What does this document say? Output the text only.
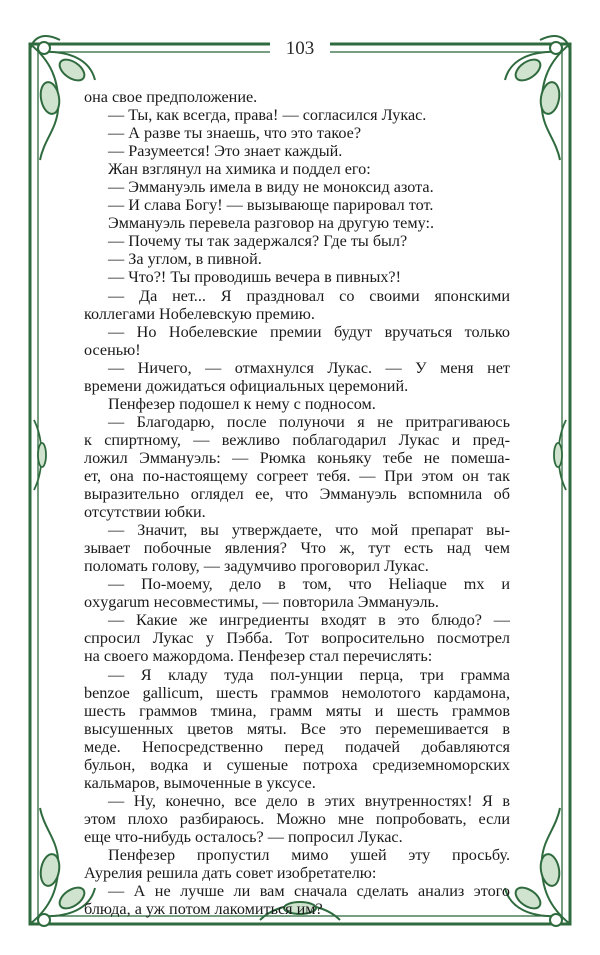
103
она свое предположение.
— Ты, как всегда, права! — согласился Лукас.
— А разве ты знаешь, что это такое?
— Разумеется! Это знает каждый.
Жан взглянул на химика и поддел его:
— Эммануэль имела в виду не моноксид азота.
— И слава Богу! — вызывающе парировал тот.
Эммануэль перевела разговор на другую тему:.
— Почему ты так задержался? Где ты был?
— За углом, в пивной.
— Что?! Ты проводишь вечера в пивных?!
— Да нет... Я праздновал со своими японскими
коллегами Нобелевскую премию.
— Но Нобелевские премии будут вручаться только
осенью!
— Ничего, — отмахнулся Лукас. — У меня нет
времени дожидаться официальных церемоний.
Пенфезер подошел к нему с подносом.
— Благодарю, после полуночи я не притрагиваюсь
к спиртному, — вежливо поблагодарил Лукас и пред-
ложил Эммануэль: — Рюмка коньяку тебе не помеша-
ет, она по-настоящему согреет тебя. — При этом он так
выразительно оглядел ее, что Эммануэль вспомнила об
отсутствии юбки.
— Значит, вы утверждаете, что мой препарат вы-
зывает побочные явления? Что ж, тут есть над чем
поломать голову, — задумчиво проговорил Лукас.
— По-моему, дело в том, что Heliaque mx и
oxygarum несовместимы, — повторила Эммануэль.
— Какие же ингредиенты входят в это блюдо? —
спросил Лукас у Пэбба. Тот вопросительно посмотрел
на своего мажордома. Пенфезер стал перечислять:
— Я кладу туда пол-унции перца, три грамма
benzoe gallicum, шесть граммов немолотого кардамона,
шесть граммов тмина, грамм мяты и шесть граммов
высушенных цветов мяты. Все это перемешивается в
меде. Непосредственно перед подачей добавляются
бульон, водка и сушеные потроха средиземноморских
кальмаров, вымоченные в уксусе.
— Ну, конечно, все дело в этих внутренностях! Я в
этом плохо разбираюсь. Можно мне попробовать, если
еще что-нибудь осталось? — попросил Лукас.
Пенфезер пропустил мимо ушей эту просьбу.
Аурелия решила дать совет изобретателю:
— А не лучше ли вам сначала сделать анализ этого
блюда, а уж потом лакомиться им?
